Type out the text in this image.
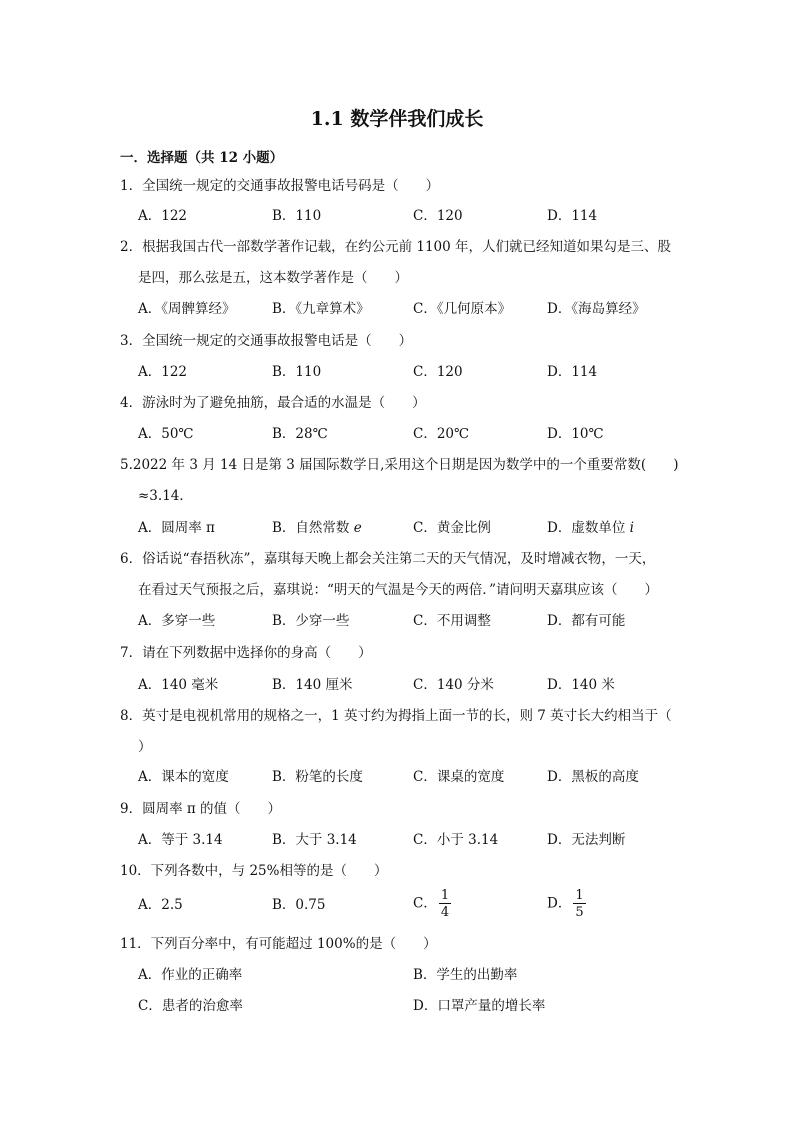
1.1 数学伴我们成长
一．选择题（共 12 小题）
1．全国统一规定的交通事故报警电话号码是（　　）
A．122	B．110	C．120	D．114
2．根据我国古代一部数学著作记载，在约公元前 1100 年，人们就已经知道如果勾是三、股
是四，那么弦是五，这本数学著作是（　　）
A．《周髀算经》	B．《九章算术》	C．《几何原本》	D．《海岛算经》
3．全国统一规定的交通事故报警电话是（　　）
A．122	B．110	C．120	D．114
4．游泳时为了避免抽筋，最合适的水温是（　　）
A．50℃	B．28℃	C．20℃	D．10℃
5.2022 年 3 月 14 日是第 3 届国际数学日,采用这个日期是因为数学中的一个重要常数(　　)
≈3.14．
A．圆周率 π	B．自然常数 e	C．黄金比例	D．虚数单位 i
6．俗话说“春捂秋冻”，嘉琪每天晚上都会关注第二天的天气情况，及时增减衣物，一天，
在看过天气预报之后，嘉琪说：“明天的气温是今天的两倍．”请问明天嘉琪应该（　　）
A．多穿一些	B．少穿一些	C．不用调整	D．都有可能
7．请在下列数据中选择你的身高（　　）
A．140 毫米	B．140 厘米	C．140 分米	D．140 米
8．英寸是电视机常用的规格之一，1 英寸约为拇指上面一节的长，则 7 英寸长大约相当于（
）
A．课本的宽度	B．粉笔的长度	C．课桌的宽度	D．黑板的高度
9．圆周率 π 的值（　　）
A．等于 3.14	B．大于 3.14	C．小于 3.14	D．无法判断
10．下列各数中，与 25%相等的是（　　）
A．2.5	B．0.75	C． $\frac{1}{4}$	D． $\frac{1}{5}$
11．下列百分率中，有可能超过 100%的是（　　）
A．作业的正确率	B．学生的出勤率
C．患者的治愈率	D．口罩产量的增长率
